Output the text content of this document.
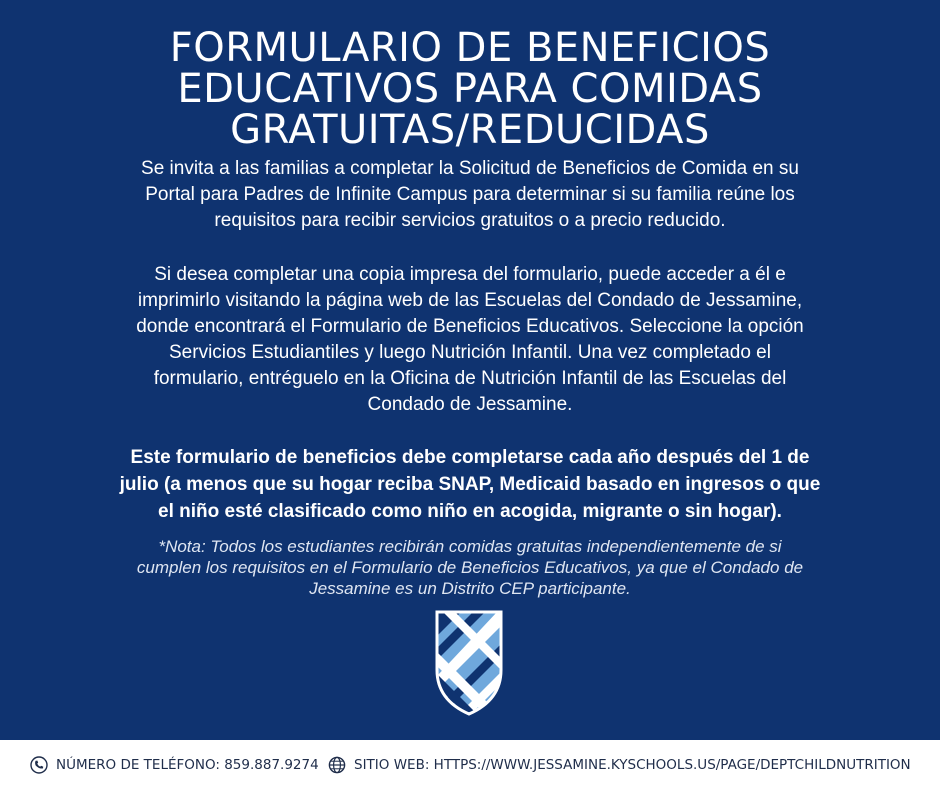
FORMULARIO DE BENEFICIOS
EDUCATIVOS PARA COMIDAS
GRATUITAS/REDUCIDAS

Se invita a las familias a completar la Solicitud de Beneficios de Comida en su
Portal para Padres de Infinite Campus para determinar si su familia reúne los
requisitos para recibir servicios gratuitos o a precio reducido.

Si desea completar una copia impresa del formulario, puede acceder a él e
imprimirlo visitando la página web de las Escuelas del Condado de Jessamine,
donde encontrará el Formulario de Beneficios Educativos. Seleccione la opción
Servicios Estudiantiles y luego Nutrición Infantil. Una vez completado el
formulario, entréguelo en la Oficina de Nutrición Infantil de las Escuelas del
Condado de Jessamine.

Este formulario de beneficios debe completarse cada año después del 1 de
julio (a menos que su hogar reciba SNAP, Medicaid basado en ingresos o que
el niño esté clasificado como niño en acogida, migrante o sin hogar).

*Nota: Todos los estudiantes recibirán comidas gratuitas independientemente de si
cumplen los requisitos en el Formulario de Beneficios Educativos, ya que el Condado de
Jessamine es un Distrito CEP participante.

NÚMERO DE TELÉFONO: 859.887.9274	SITIO WEB: HTTPS://WWW.JESSAMINE.KYSCHOOLS.US/PAGE/DEPTCHILDNUTRITION
